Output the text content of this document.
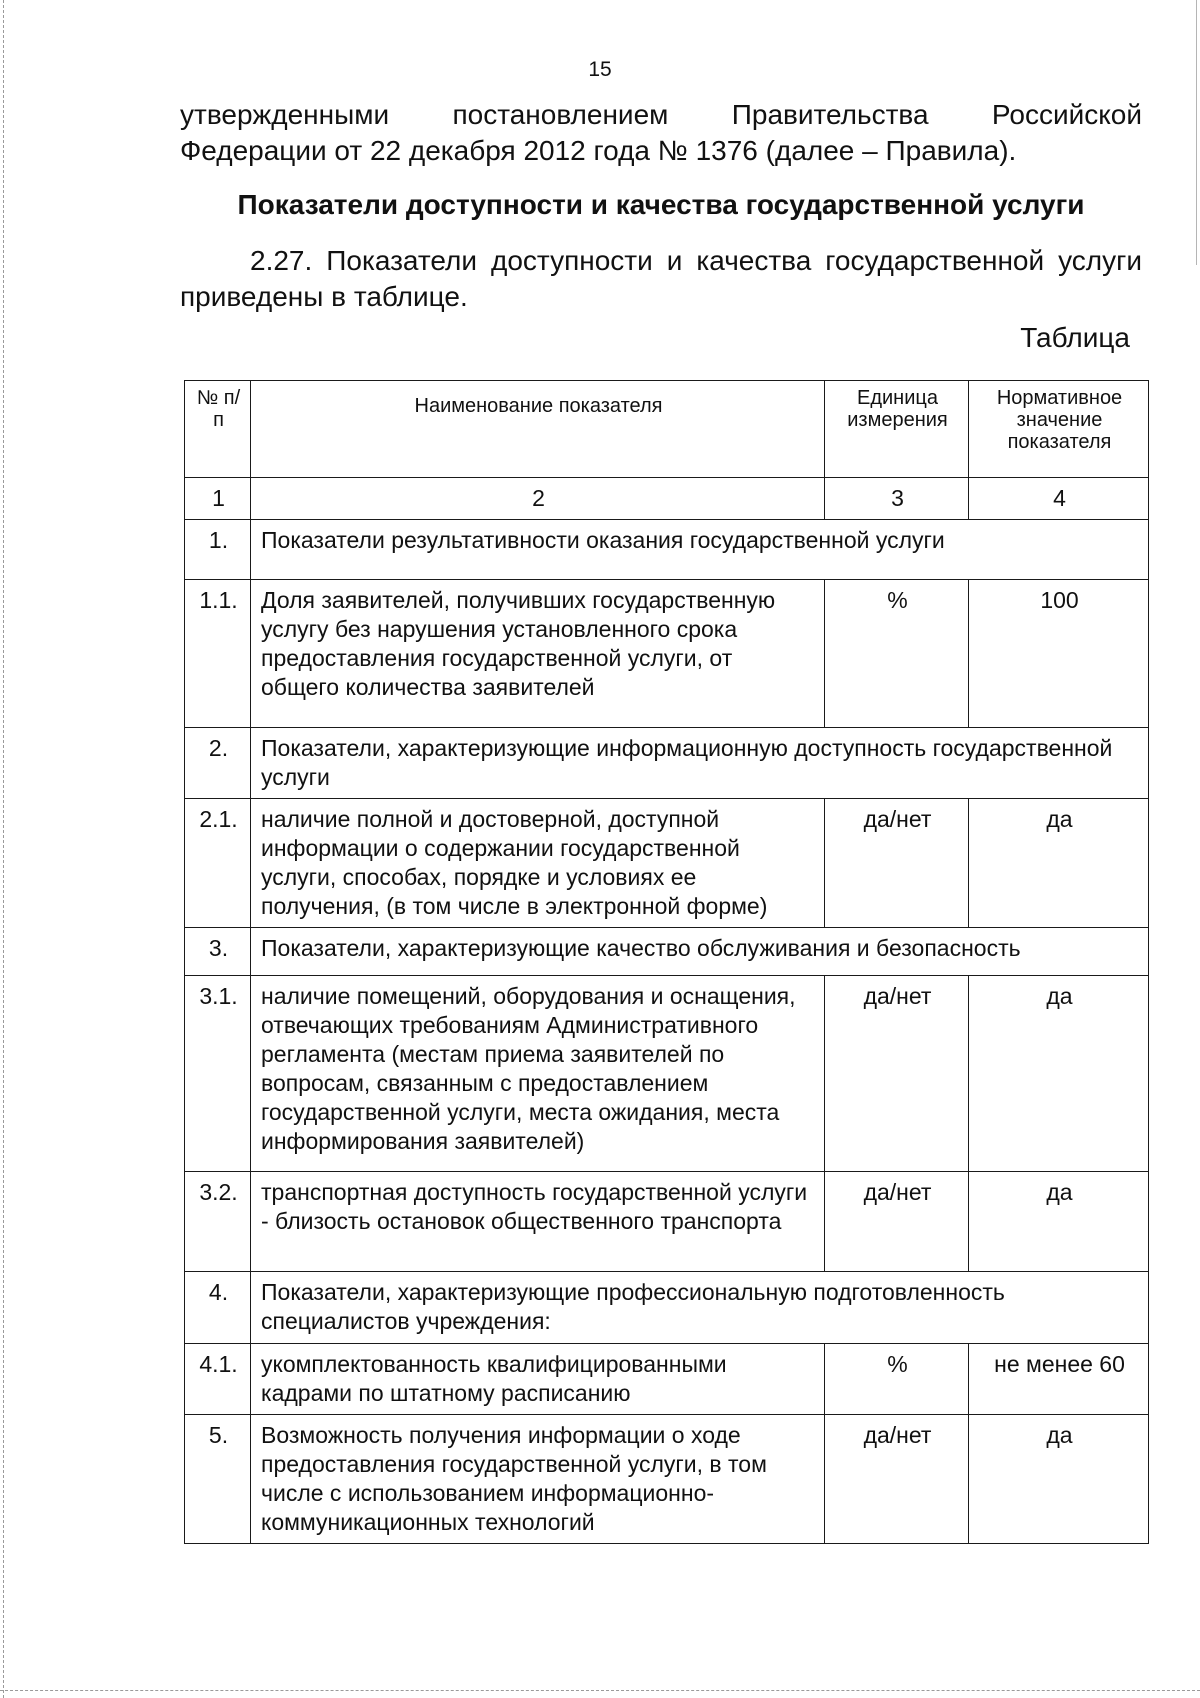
15

утвержденными постановлением Правительства Российской

Федерации от 22 декабря 2012 года № 1376 (далее – Правила).

Показатели доступности и качества государственной услуги

2.27. Показатели доступности и качества государственной услуги

приведены в таблице.

Таблица
№ п/п	Наименование показателя	Единица измерения	Нормативное значение показателя
1	2	3	4
1.	Показатели результативности оказания государственной услуги		
1.1.	Доля заявителей, получивших государственную услугу без нарушения установленного срока предоставления государственной услуги, от общего количества заявителей	%	100
2.	Показатели, характеризующие информационную доступность государственной услуги		
2.1.	наличие полной и достоверной, доступной информации о содержании государственной услуги, способах, порядке и условиях ее получения, (в том числе в электронной форме)	да/нет	да
3.	Показатели, характеризующие качество обслуживания и безопасность		
3.1.	наличие помещений, оборудования и оснащения, отвечающих требованиям Административного регламента (местам приема заявителей по вопросам, связанным с предоставлением государственной услуги, места ожидания, места информирования заявителей)	да/нет	да
3.2.	транспортная доступность государственной услуги - близость остановок общественного транспорта	да/нет	да
4.	Показатели, характеризующие профессиональную подготовленность специалистов учреждения:		
4.1.	укомплектованность квалифицированными кадрами по штатному расписанию	%	не менее 60
5.	Возможность получения информации о ходе предоставления государственной услуги, в том числе с использованием информационно-коммуникационных технологий	да/нет	да
